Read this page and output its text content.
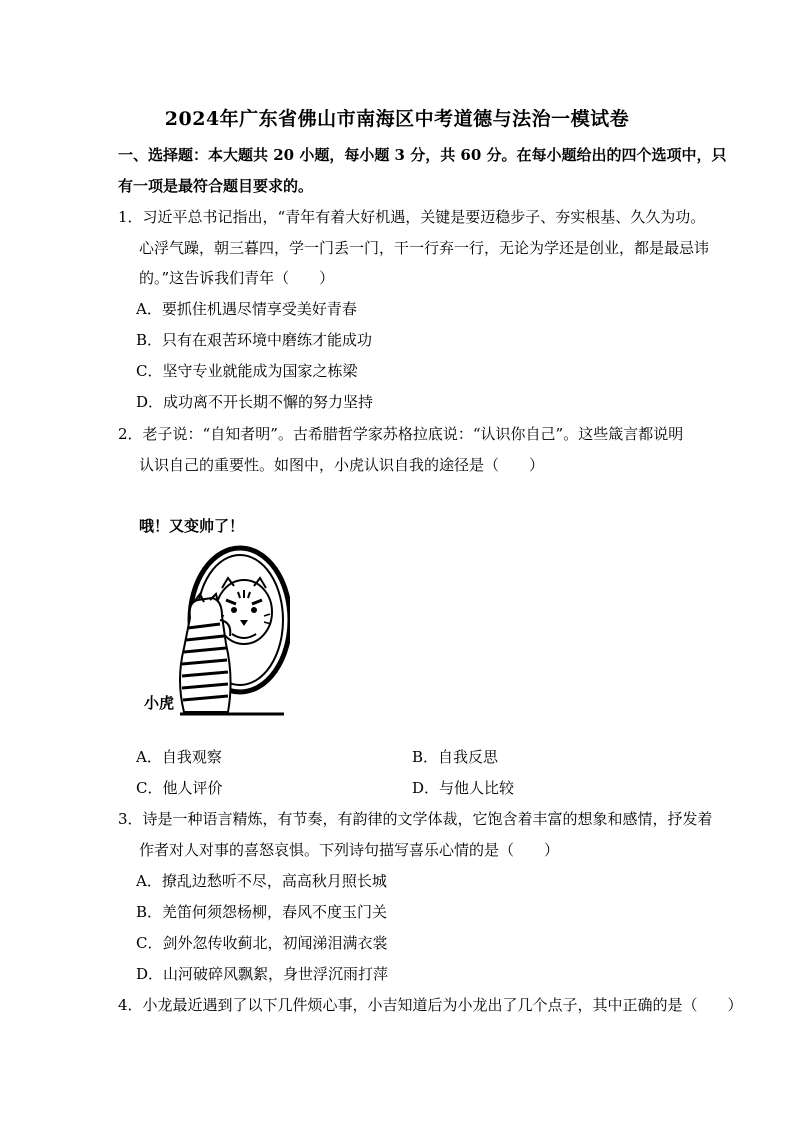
2024年广东省佛山市南海区中考道德与法治一模试卷
一、选择题：本大题共 20 小题，每小题 3 分，共 60 分。在每小题给出的四个选项中，只
有一项是最符合题目要求的。
1．习近平总书记指出，“青年有着大好机遇，关键是要迈稳步子、夯实根基、久久为功。
心浮气躁，朝三暮四，学一门丢一门，干一行弃一行，无论为学还是创业，都是最忌讳
的。”这告诉我们青年（　　）
A．要抓住机遇尽情享受美好青春
B．只有在艰苦环境中磨练才能成功
C．坚守专业就能成为国家之栋梁
D．成功离不开长期不懈的努力坚持
2．老子说：“自知者明”。古希腊哲学家苏格拉底说：“认识你自己”。这些箴言都说明
认识自己的重要性。如图中，小虎认识自我的途径是（　　）
哦！又变帅了！
小虎
A．自我观察	B．自我反思
C．他人评价	D．与他人比较
3．诗是一种语言精炼，有节奏，有韵律的文学体裁，它饱含着丰富的想象和感情，抒发着
作者对人对事的喜怒哀惧。下列诗句描写喜乐心情的是（　　）
A．撩乱边愁听不尽，高高秋月照长城
B．羌笛何须怨杨柳，春风不度玉门关
C．剑外忽传收蓟北，初闻涕泪满衣裳
D．山河破碎风飘絮，身世浮沉雨打萍
4．小龙最近遇到了以下几件烦心事，小吉知道后为小龙出了几个点子，其中正确的是（　　）
